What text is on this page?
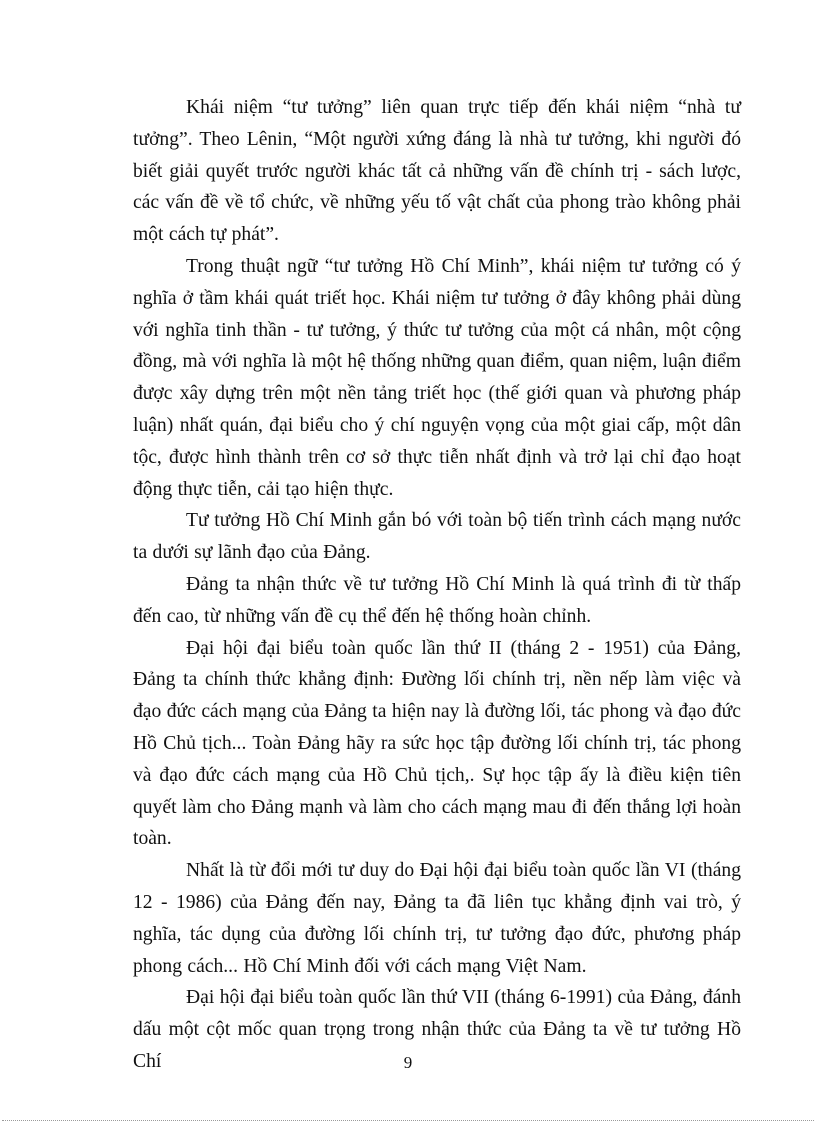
Khái niệm “tư tưởng” liên quan trực tiếp đến khái niệm “nhà tư tưởng”. Theo Lênin, “Một người xứng đáng là nhà tư tưởng, khi người đó biết giải quyết trước người khác tất cả những vấn đề chính trị - sách lược, các vấn đề về tổ chức, về những yếu tố vật chất của phong trào không phải một cách tự phát”.

Trong thuật ngữ “tư tưởng Hồ Chí Minh”, khái niệm tư tưởng có ý nghĩa ở tầm khái quát triết học. Khái niệm tư tưởng ở đây không phải dùng với nghĩa tinh thần - tư tưởng, ý thức tư tưởng của một cá nhân, một cộng đồng, mà với nghĩa là một hệ thống những quan điểm, quan niệm, luận điểm được xây dựng trên một nền tảng triết học (thế giới quan và phương pháp luận) nhất quán, đại biểu cho ý chí nguyện vọng của một giai cấp, một dân tộc, được hình thành trên cơ sở thực tiễn nhất định và trở lại chỉ đạo hoạt động thực tiễn, cải tạo hiện thực.

Tư tưởng Hồ Chí Minh gắn bó với toàn bộ tiến trình cách mạng nước ta dưới sự lãnh đạo của Đảng.

Đảng ta nhận thức về tư tưởng Hồ Chí Minh là quá trình đi từ thấp đến cao, từ những vấn đề cụ thể đến hệ thống hoàn chỉnh.

Đại hội đại biểu toàn quốc lần thứ II (tháng 2 - 1951) của Đảng, Đảng ta chính thức khẳng định: Đường lối chính trị, nền nếp làm việc và đạo đức cách mạng của Đảng ta hiện nay là đường lối, tác phong và đạo đức Hồ Chủ tịch... Toàn Đảng hãy ra sức học tập đường lối chính trị, tác phong và đạo đức cách mạng của Hồ Chủ tịch,. Sự học tập ấy là điều kiện tiên quyết làm cho Đảng mạnh và làm cho cách mạng mau đi đến thắng lợi hoàn toàn.

Nhất là từ đổi mới tư duy do Đại hội đại biểu toàn quốc lần VI (tháng 12 - 1986) của Đảng đến nay, Đảng ta đã liên tục khẳng định vai trò, ý nghĩa, tác dụng của đường lối chính trị, tư tưởng đạo đức, phương pháp phong cách... Hồ Chí Minh đối với cách mạng Việt Nam.

Đại hội đại biểu toàn quốc lần thứ VII (tháng 6-1991) của Đảng, đánh dấu một cột mốc quan trọng trong nhận thức của Đảng ta về tư tưởng Hồ Chí	9
